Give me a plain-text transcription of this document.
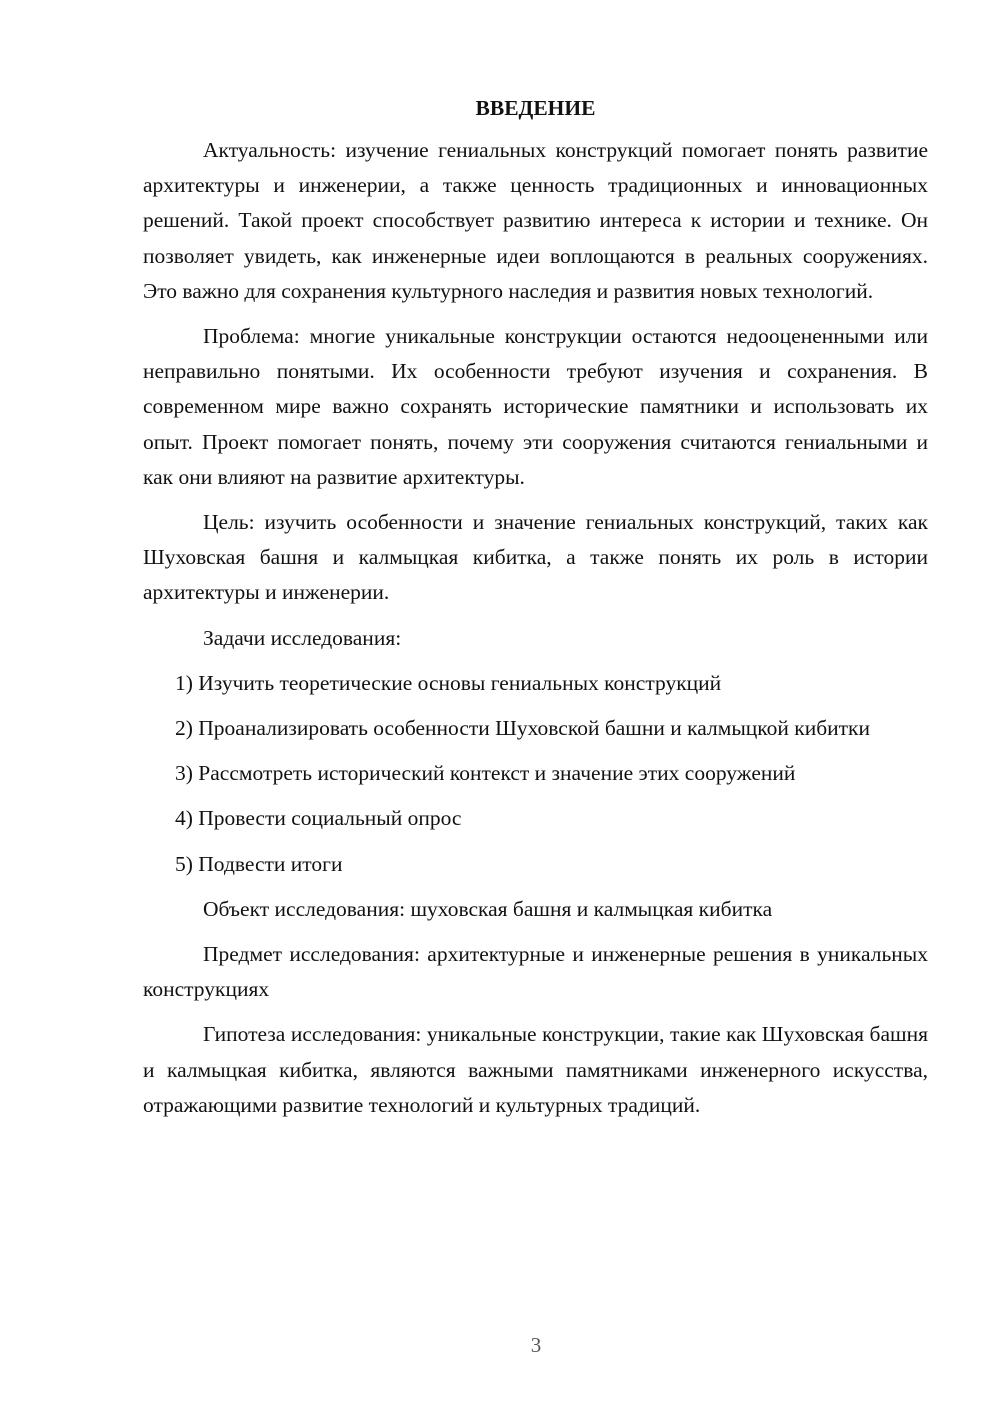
ВВЕДЕНИЕ

Актуальность: изучение гениальных конструкций помогает понять развитие архитектуры и инженерии, а также ценность традиционных и инновационных решений. Такой проект способствует развитию интереса к истории и технике. Он позволяет увидеть, как инженерные идеи воплощаются в реальных сооружениях. Это важно для сохранения культурного наследия и развития новых технологий.

Проблема: многие уникальные конструкции остаются недооцененными или неправильно понятыми. Их особенности требуют изучения и сохранения. В современном мире важно сохранять исторические памятники и использовать их опыт. Проект помогает понять, почему эти сооружения считаются гениальными и как они влияют на развитие архитектуры.

Цель: изучить особенности и значение гениальных конструкций, таких как Шуховская башня и калмыцкая кибитка, а также понять их роль в истории архитектуры и инженерии.

Задачи исследования:

1) Изучить теоретические основы гениальных конструкций

2) Проанализировать особенности Шуховской башни и калмыцкой кибитки

3) Рассмотреть исторический контекст и значение этих сооружений

4) Провести социальный опрос

5) Подвести итоги

Объект исследования: шуховская башня и калмыцкая кибитка

Предмет исследования: архитектурные и инженерные решения в уникальных конструкциях

Гипотеза исследования: уникальные конструкции, такие как Шуховская башня и калмыцкая кибитка, являются важными памятниками инженерного искусства, отражающими развитие технологий и культурных традиций.

3
